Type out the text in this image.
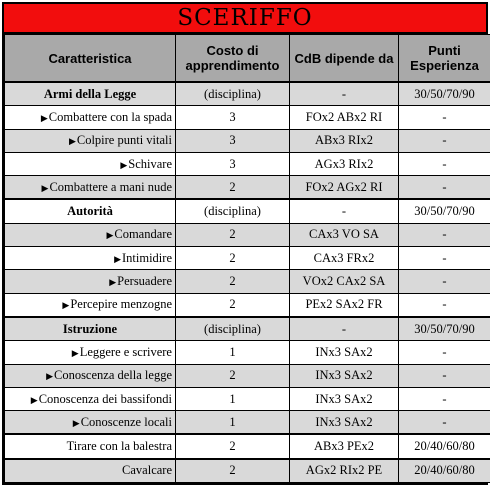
SCERIFFO
Caratteristica	Costo di apprendimento	CdB dipende da	Punti Esperienza
Armi della Legge	(disciplina)	-	30/50/70/90
▶Combattere con la spada	3	FOx2 ABx2 RI	-
▶Colpire punti vitali	3	ABx3 RIx2	-
▶Schivare	3	AGx3 RIx2	-
▶Combattere a mani nude	2	FOx2 AGx2 RI	-
Autorità	(disciplina)	-	30/50/70/90
▶Comandare	2	CAx3 VO SA	-
▶Intimidire	2	CAx3 FRx2	-
▶Persuadere	2	VOx2 CAx2 SA	-
▶Percepire menzogne	2	PEx2 SAx2 FR	-
Istruzione	(disciplina)	-	30/50/70/90
▶Leggere e scrivere	1	INx3 SAx2	-
▶Conoscenza della legge	2	INx3 SAx2	-
▶Conoscenza dei bassifondi	1	INx3 SAx2	-
▶Conoscenze locali	1	INx3 SAx2	-
Tirare con la balestra	2	ABx3 PEx2	20/40/60/80
Cavalcare	2	AGx2 RIx2 PE	20/40/60/80
